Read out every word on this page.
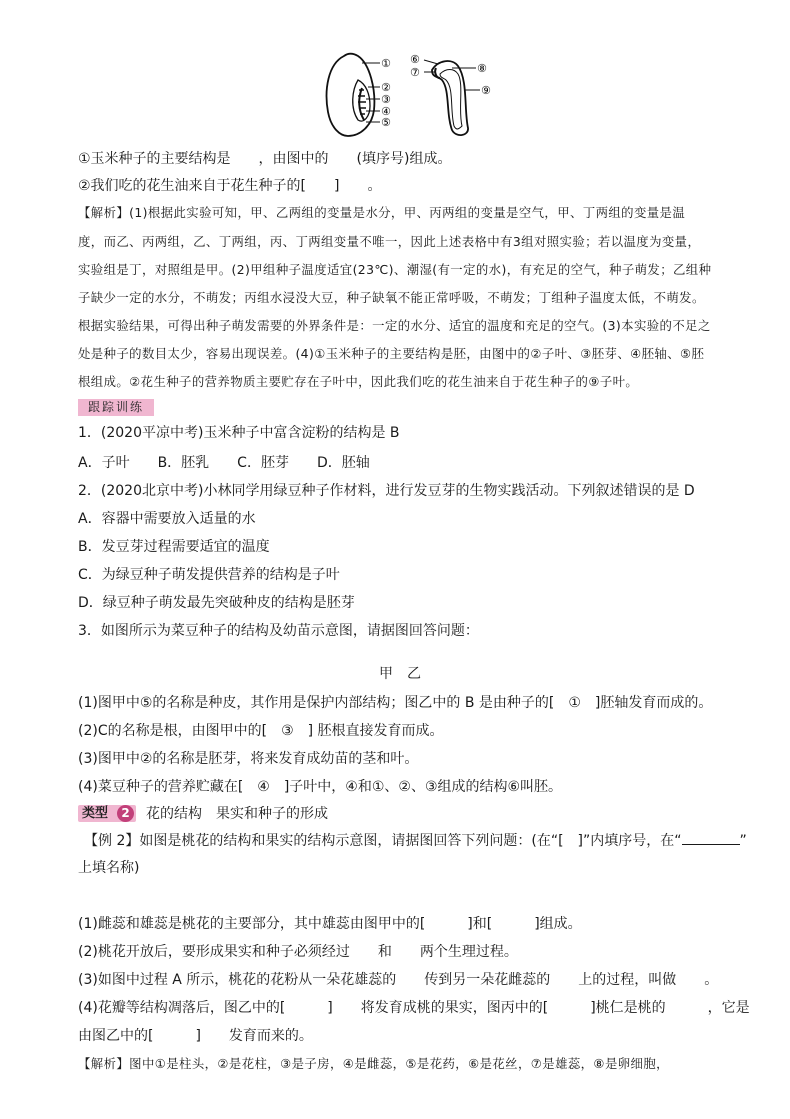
①
②
③
④
⑤
⑥
⑦	⑧
⑨
①玉米种子的主要结构是　　，由图中的　　(填序号)组成。
②我们吃的花生油来自于花生种子的[　　]　　。
【解析】(1)根据此实验可知，甲、乙两组的变量是水分，甲、丙两组的变量是空气，甲、丁两组的变量是温
度，而乙、丙两组，乙、丁两组，丙、丁两组变量不唯一，因此上述表格中有3组对照实验；若以温度为变量，
实验组是丁，对照组是甲。(2)甲组种子温度适宜(23℃)、潮湿(有一定的水)，有充足的空气，种子萌发；乙组种
子缺少一定的水分，不萌发；丙组水浸没大豆，种子缺氧不能正常呼吸，不萌发；丁组种子温度太低，不萌发。
根据实验结果，可得出种子萌发需要的外界条件是：一定的水分、适宜的温度和充足的空气。(3)本实验的不足之
处是种子的数目太少，容易出现误差。(4)①玉米种子的主要结构是胚，由图中的②子叶、③胚芽、④胚轴、⑤胚
根组成。②花生种子的营养物质主要贮存在子叶中，因此我们吃的花生油来自于花生种子的⑨子叶。
跟踪训练
1．(2020平凉中考)玉米种子中富含淀粉的结构是 B
A．子叶　　B．胚乳　　C．胚芽　　D．胚轴
2．(2020北京中考)小林同学用绿豆种子作材料，进行发豆芽的生物实践活动。下列叙述错误的是 D
A．容器中需要放入适量的水
B．发豆芽过程需要适宜的温度
C．为绿豆种子萌发提供营养的结构是子叶
D．绿豆种子萌发最先突破种皮的结构是胚芽
3．如图所示为菜豆种子的结构及幼苗示意图，请据图回答问题：
甲　乙
(1)图甲中⑤的名称是种皮，其作用是保护内部结构；图乙中的 B 是由种子的[　①　]胚轴发育而成的。
(2)C的名称是根，由图甲中的[　③　] 胚根直接发育而成。
(3)图甲中②的名称是胚芽，将来发育成幼苗的茎和叶。
(4)菜豆种子的营养贮藏在[　④　]子叶中，④和①、②、③组成的结构⑥叫胚。
类型	2	花的结构　果实和种子的形成
【例 2】如图是桃花的结构和果实的结构示意图，请据图回答下列问题：(在“[　]”内填序号，在“	”
上填名称)
(1)雌蕊和雄蕊是桃花的主要部分，其中雄蕊由图甲中的[　　　]和[　　　]组成。
(2)桃花开放后，要形成果实和种子必须经过　　和　　两个生理过程。
(3)如图中过程 A 所示，桃花的花粉从一朵花雄蕊的　　传到另一朵花雌蕊的　　上的过程，叫做　　。
(4)花瓣等结构凋落后，图乙中的[　　　]　　将发育成桃的果实，图丙中的[　　　]桃仁是桃的　　　，它是
由图乙中的[　　　]　　发育而来的。
【解析】图中①是柱头，②是花柱，③是子房，④是雌蕊，⑤是花药，⑥是花丝，⑦是雄蕊，⑧是卵细胞，
